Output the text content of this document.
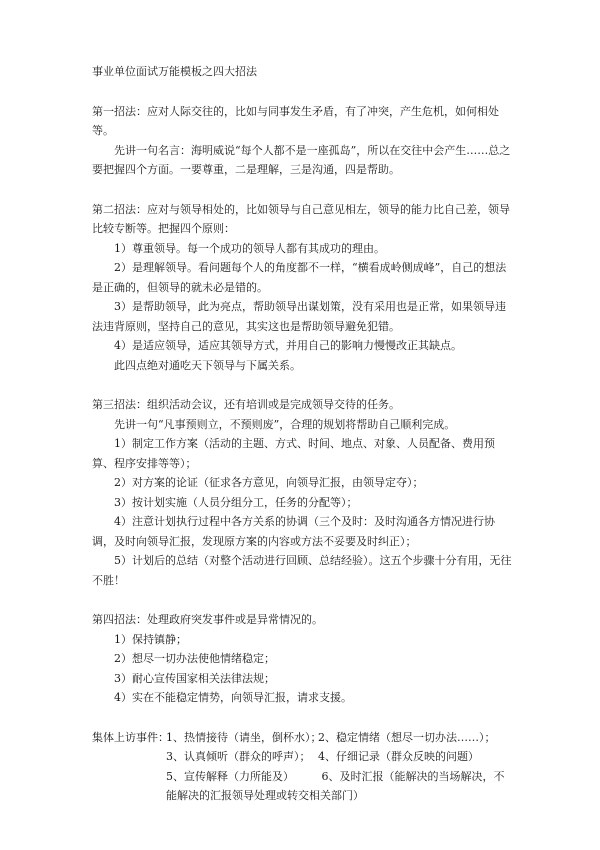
事业单位面试万能模板之四大招法

第一招法：应对人际交往的，比如与同事发生矛盾，有了冲突，产生危机，如何相处等。

先讲一句名言：海明威说“每个人都不是一座孤岛”，所以在交往中会产生……总之要把握四个方面。一要尊重，二是理解，三是沟通，四是帮助。

第二招法：应对与领导相处的，比如领导与自己意见相左，领导的能力比自己差，领导比较专断等。把握四个原则：

1）尊重领导。每一个成功的领导人都有其成功的理由。

2）是理解领导。看问题每个人的角度都不一样，“横看成岭侧成峰”，自己的想法是正确的，但领导的就未必是错的。

3）是帮助领导，此为亮点，帮助领导出谋划策，没有采用也是正常，如果领导违法违背原则，坚持自己的意见，其实这也是帮助领导避免犯错。

4）是适应领导，适应其领导方式，并用自己的影响力慢慢改正其缺点。

此四点绝对通吃天下领导与下属关系。

第三招法：组织活动会议，还有培训或是完成领导交待的任务。

先讲一句“凡事预则立，不预则废”，合理的规划将帮助自己顺利完成。

1）制定工作方案（活动的主题、方式、时间、地点、对象、人员配备、费用预算、程序安排等等）；

2）对方案的论证（征求各方意见，向领导汇报，由领导定夺）；

3）按计划实施（人员分组分工，任务的分配等）；

4）注意计划执行过程中各方关系的协调（三个及时：及时沟通各方情况进行协调，及时向领导汇报，发现原方案的内容或方法不妥要及时纠正）；

5）计划后的总结（对整个活动进行回顾、总结经验）。这五个步骤十分有用，无往不胜！

第四招法：处理政府突发事件或是异常情况的。

1）保持镇静；

2）想尽一切办法使他情绪稳定；

3）耐心宣传国家相关法律法规；

4）实在不能稳定情势，向领导汇报，请求支援。

集体上访事件：
1、热情接待（请坐，倒杯水）；
2、稳定情绪（想尽一切办法……）；
3、认真倾听（群众的呼声）； 4、仔细记录（群众反映的问题）
5、宣传解释（力所能及）	6、及时汇报（能解决的当场解决，不能解决的汇报领导处理或转交相关部门）
